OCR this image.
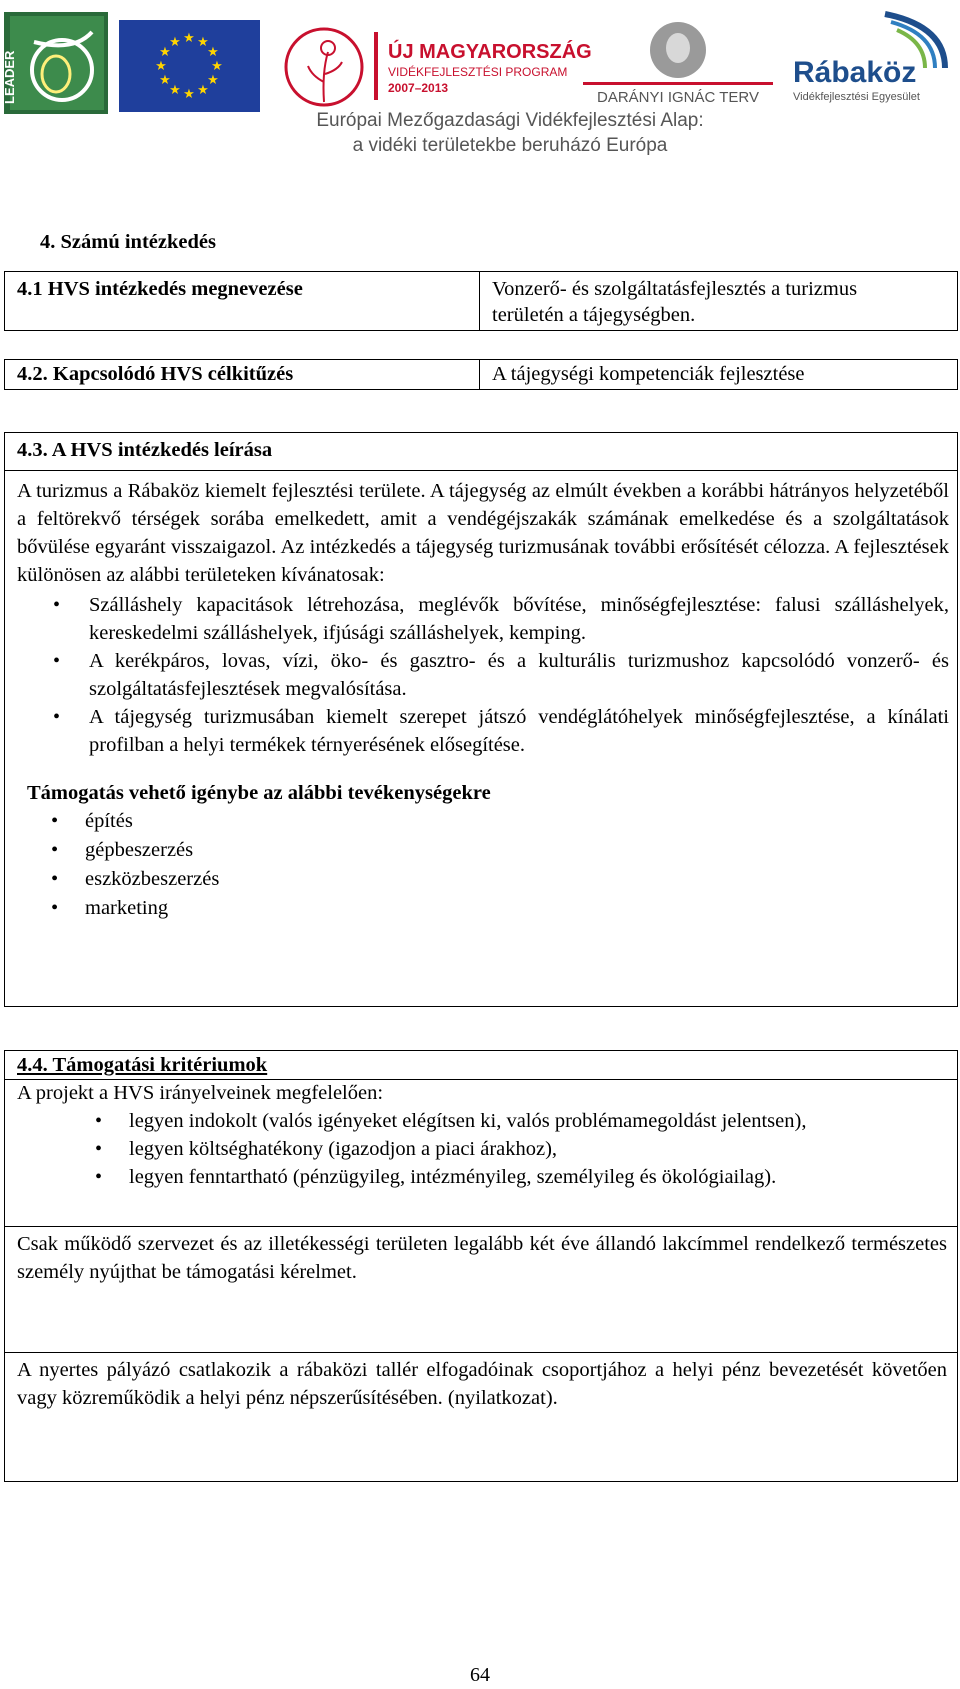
LEADER
★ ★
★
★
★
★
★
★
★
★
★
★	ÚJ MAGYARORSZÁG
VIDÉKFEJLESZTÉSI PROGRAM
2007–2013
DARÁNYI IGNÁC TERV
Rábaköz
Vidékfejlesztési Egyesület
Európai Mezőgazdasági Vidékfejlesztési Alap:
a vidéki területekbe beruházó Európa
4. Számú intézkedés
4.1 HVS intézkedés megnevezése	Vonzerő- és szolgáltatásfejlesztés a turizmus
területén a tájegységben.
4.2. Kapcsolódó HVS célkitűzés	A tájegységi kompetenciák fejlesztése
4.3. A HVS intézkedés leírása
A turizmus a Rábaköz kiemelt fejlesztési területe. A tájegység az elmúlt években a korábbi hátrányos helyzetéből a feltörekvő térségek sorába emelkedett, amit a vendégéjszakák számának emelkedése és a szolgáltatások bővülése egyaránt visszaigazol. Az intézkedés a tájegység turizmusának további erősítését célozza. A fejlesztések különösen az alábbi területeken kívánatosak:
• Szálláshely kapacitások létrehozása, meglévők bővítése, minőségfejlesztése: falusi szálláshelyek, kereskedelmi szálláshelyek, ifjúsági szálláshelyek, kemping.
• A kerékpáros, lovas, vízi, öko- és gasztro- és a kulturális turizmushoz kapcsolódó vonzerő- és szolgáltatásfejlesztések megvalósítása.
• A tájegység turizmusában kiemelt szerepet játszó vendéglátóhelyek minőségfejlesztése, a kínálati profilban a helyi termékek térnyerésének elősegítése.
Támogatás vehető igénybe az alábbi tevékenységekre
• építés
• gépbeszerzés
• eszközbeszerzés
• marketing
4.4. Támogatási kritériumok
A projekt a HVS irányelveinek megfelelően:
• legyen indokolt (valós igényeket elégítsen ki, valós problémamegoldást jelentsen),
• legyen költséghatékony (igazodjon a piaci árakhoz),
• legyen fenntartható (pénzügyileg, intézményileg, személyileg és ökológiailag).
Csak működő szervezet és az illetékességi területen legalább két éve állandó lakcímmel rendelkező természetes személy nyújthat be támogatási kérelmet.
A nyertes pályázó csatlakozik a rábaközi tallér elfogadóinak csoportjához a helyi pénz bevezetését követően vagy közreműködik a helyi pénz népszerűsítésében. (nyilatkozat).
64
